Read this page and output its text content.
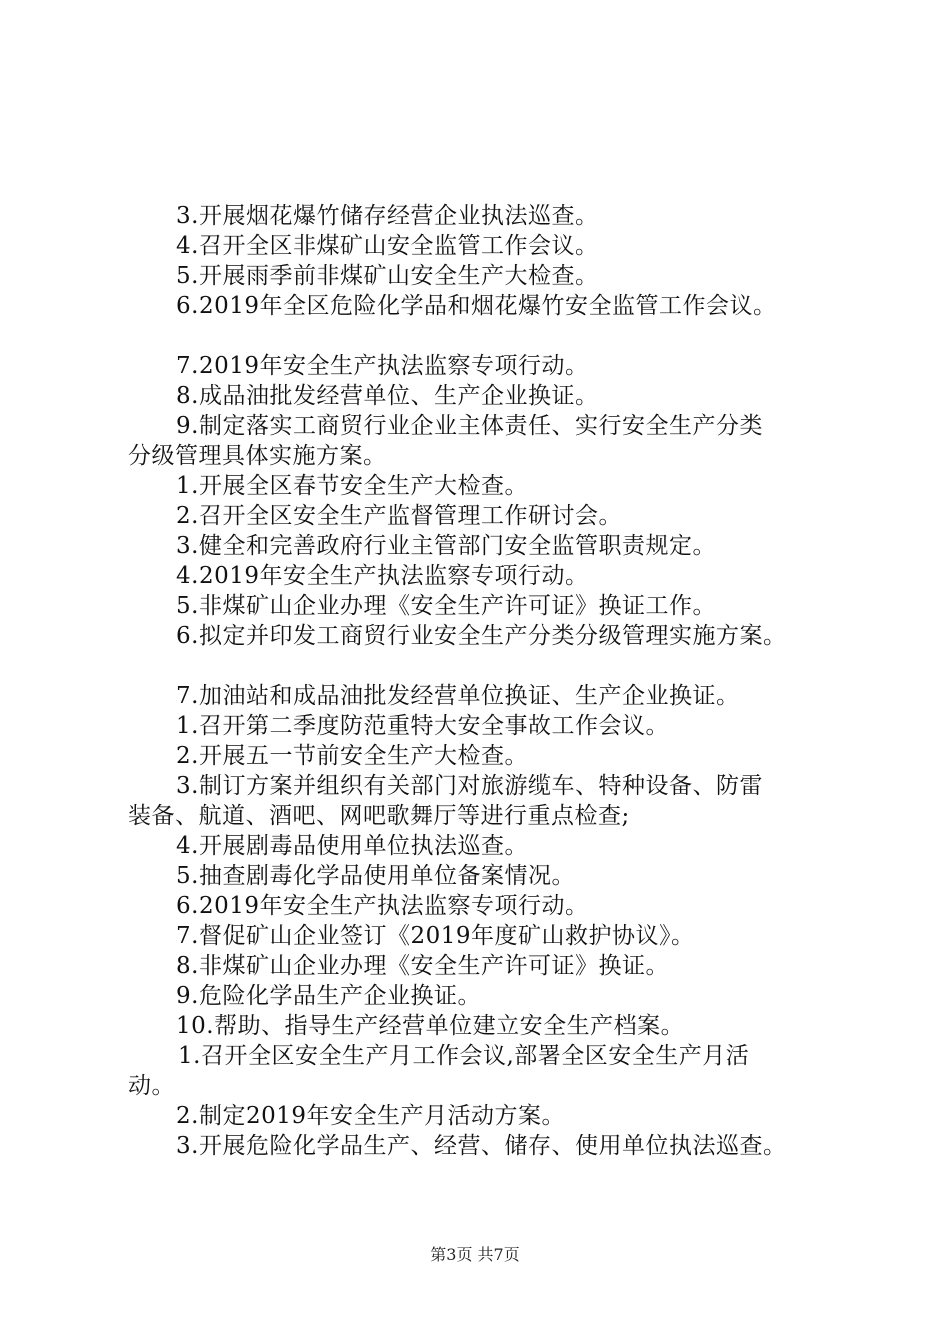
3.开展烟花爆竹储存经营企业执法巡查。
4.召开全区非煤矿山安全监管工作会议。
5.开展雨季前非煤矿山安全生产大检查。
6.2019年全区危险化学品和烟花爆竹安全监管工作会议。
7.2019年安全生产执法监察专项行动。
8.成品油批发经营单位、生产企业换证。
9.制定落实工商贸行业企业主体责任、实行安全生产分类
分级管理具体实施方案。
1.开展全区春节安全生产大检查。
2.召开全区安全生产监督管理工作研讨会。
3.健全和完善政府行业主管部门安全监管职责规定。
4.2019年安全生产执法监察专项行动。
5.非煤矿山企业办理《安全生产许可证》换证工作。
6.拟定并印发工商贸行业安全生产分类分级管理实施方案。
7.加油站和成品油批发经营单位换证、生产企业换证。
1.召开第二季度防范重特大安全事故工作会议。
2.开展五一节前安全生产大检查。
3.制订方案并组织有关部门对旅游缆车、特种设备、防雷
装备、航道、酒吧、网吧歌舞厅等进行重点检查;
4.开展剧毒品使用单位执法巡查。
5.抽查剧毒化学品使用单位备案情况。
6.2019年安全生产执法监察专项行动。
7.督促矿山企业签订《2019年度矿山救护协议》。
8.非煤矿山企业办理《安全生产许可证》换证。
9.危险化学品生产企业换证。
10.帮助、指导生产经营单位建立安全生产档案。
1.召开全区安全生产月工作会议,部署全区安全生产月活
动。
2.制定2019年安全生产月活动方案。
3.开展危险化学品生产、经营、储存、使用单位执法巡查。
第3页 共7页
